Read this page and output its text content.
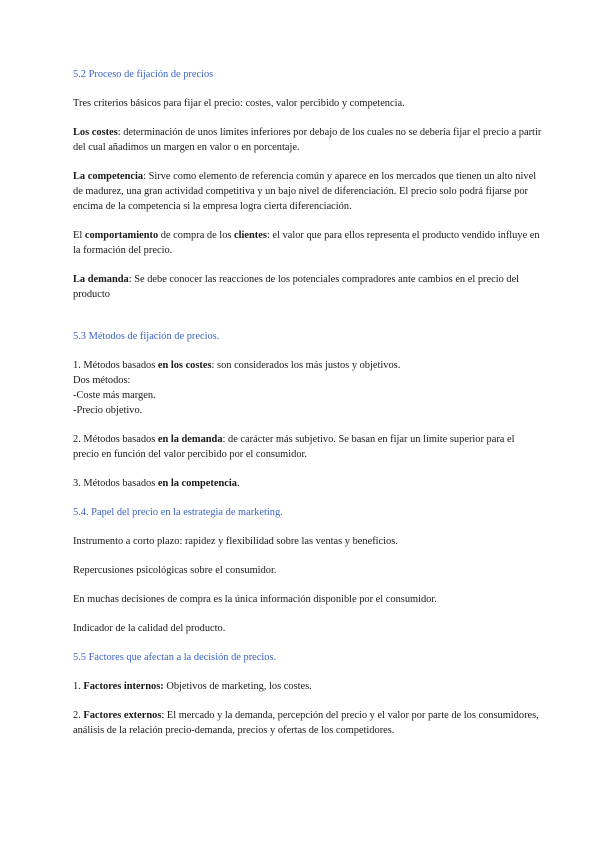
5.2 Proceso de fijación de precios

Tres criterios básicos para fijar el precio: costes, valor percibido y competencia.

Los costes: determinación de unos límites inferiores por debajo de los cuales no se debería fijar el precio a partir del cual añadimos un margen en valor o en porcentaje.

La competencia: Sirve como elemento de referencia común y aparece en los mercados que tienen un alto nivel de madurez, una gran actividad competitiva y un bajo nivel de diferenciación. El precio solo podrá fijarse por encima de la competencia si la empresa logra cierta diferenciación.

El comportamiento de compra de los clientes: el valor que para ellos representa el producto vendido influye en la formación del precio.

La demanda: Se debe conocer las reacciones de los potenciales compradores ante cambios en el precio del producto

5.3 Métodos de fijación de precios.

1. Métodos basados en los costes: son considerados los más justos y objetivos.

Dos métodos:

-Coste más margen.

-Precio objetivo.

2. Métodos basados en la demanda: de carácter más subjetivo. Se basan en fijar un límite superior para el precio en función del valor percibido por el consumidor.

3. Métodos basados en la competencia.

5.4. Papel del precio en la estrategia de marketing.

Instrumento a corto plazo: rapidez y flexibilidad sobre las ventas y beneficios.

Repercusiones psicológicas sobre el consumidor.

En muchas decisiones de compra es la única información disponible por el consumidor.

Indicador de la calidad del producto.

5.5 Factores que afectan a la decisión de precios.

1. Factores internos: Objetivos de marketing, los costes.

2. Factores externos: El mercado y la demanda, percepción del precio y el valor por parte de los consumidores, análisis de la relación precio-demanda, precios y ofertas de los competidores.
